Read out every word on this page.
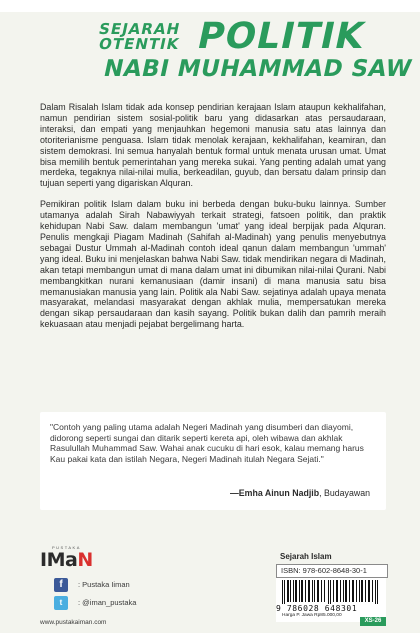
SEJARAH
OTENTIK POLITIK
NABI MUHAMMAD SAW

Dalam Risalah Islam tidak ada konsep pendirian kerajaan Islam ataupun kekhalifahan, namun pendirian sistem sosial-politik baru yang didasarkan atas persaudaraan, interaksi, dan empati yang menjauhkan hegemoni manusia satu atas lainnya dan otoriterianisme penguasa. Islam tidak menolak kerajaan, kekhalifahan, keamiran, dan sistem demokrasi. Ini semua hanyalah bentuk formal untuk menata urusan umat. Umat bisa memilih bentuk pemerintahan yang mereka sukai. Yang penting adalah umat yang merdeka, tegaknya nilai-nilai mulia, berkeadilan, guyub, dan bersatu dalam prinsip dan tujuan seperti yang digariskan Alquran.

Pemikiran politik Islam dalam buku ini berbeda dengan buku-buku lainnya. Sumber utamanya adalah Sirah Nabawiyyah terkait strategi, fatsoen politik, dan praktik kehidupan Nabi Saw. dalam membangun 'umat' yang ideal berpijak pada Alquran. Penulis mengkaji Piagam Madinah (Sahifah al-Madinah) yang penulis menyebutnya sebagai Dustur Ummah al-Madinah contoh ideal qanun dalam membangun 'ummah' yang ideal. Buku ini menjelaskan bahwa Nabi Saw. tidak mendirikan negara di Madinah, akan tetapi membangun umat di mana dalam umat ini dibumikan nilai-nilai Qurani. Nabi membangkitkan nurani kemanusiaan (damir insani) di mana manusia satu bisa memanusiakan manusia yang lain. Politik ala Nabi Saw. sejatinya adalah upaya menata masyarakat, melandasi masyarakat dengan akhlak mulia, mempersatukan mereka dengan sikap persaudaraan dan kasih sayang. Politik bukan dalih dan pamrih meraih kekuasaan atau menjadi pejabat bergelimang harta.

"Contoh yang paling utama adalah Negeri Madinah yang disumberi dan diayomi, didorong seperti sungai dan ditarik seperti kereta api, oleh wibawa dan akhlak Rasulullah Muhammad Saw. Wahai anak cucuku di hari esok, kalau memang harus Kau pakai kata dan istilah Negara, Negeri Madinah itulah Negara Sejati."
—Emha Ainun Nadjib, Budayawan
PUSTAKA
IMaN
f	: Pustaka Iiman
t	: @iman_pustaka
www.pustakaiman.com
Sejarah Islam
ISBN: 978-602-8648-30-1
9 786028 648301
Harga P. Jawa Rp85.000,00
XS-26
